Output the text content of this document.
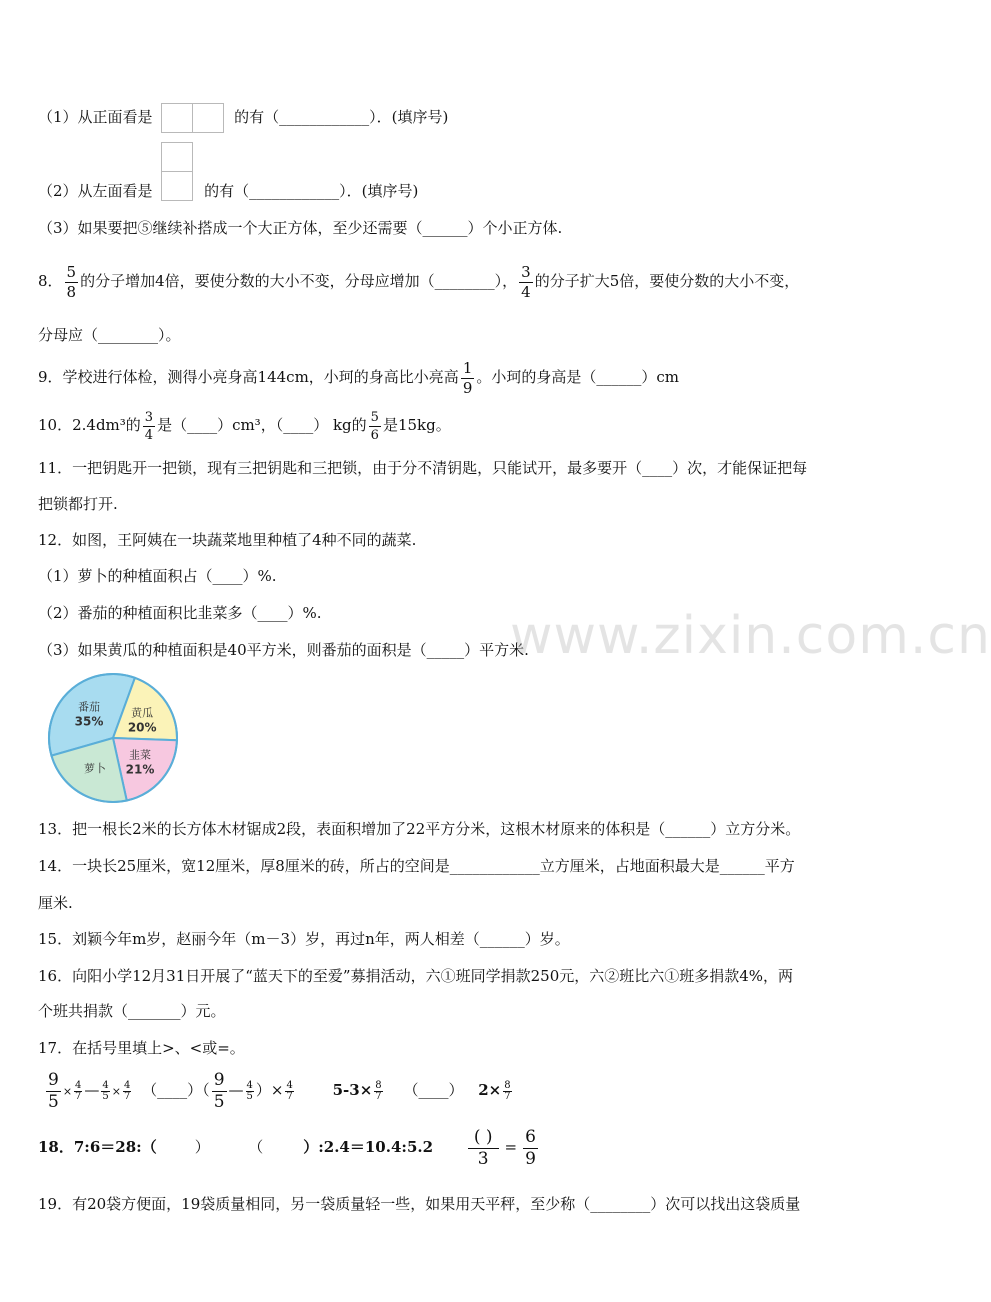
（1）从正面看是	的有（____________）．(填序号)
（2）从左面看是	的有（____________）．(填序号)
（3）如果要把⑤继续补搭成一个大正方体，至少还需要（______）个小正方体.
8． $\frac{5}{8}$ 的分子增加4倍，要使分数的大小不变，分母应增加（________）， $\frac{3}{4}$ 的分子扩大5倍，要使分数的大小不变，
分母应（________）。
9．学校进行体检，测得小亮身高144cm，小珂的身高比小亮高 $\frac{1}{9}$ 。小珂的身高是（______）cm
10．2.4dm³的 $\frac{3}{4}$ 是（____）cm³，（____） kg的 $\frac{5}{6}$ 是15kg。
11．一把钥匙开一把锁，现有三把钥匙和三把锁，由于分不清钥匙，只能试开，最多要开（____）次，才能保证把每
把锁都打开.
12．如图，王阿姨在一块蔬菜地里种植了4种不同的蔬菜.
（1）萝卜的种植面积占（____）%.
（2）番茄的种植面积比韭菜多（____）%.
（3）如果黄瓜的种植面积是40平方米，则番茄的面积是（_____）平方米.
番茄
35%
黄瓜
20%
韭菜
21%
萝卜
www.zixin.com.cn
13．把一根长2米的长方体木材锯成2段，表面积增加了22平方分米，这根木材原来的体积是（______）立方分米。
14．一块长25厘米，宽12厘米，厚8厘米的砖，所占的空间是____________立方厘米，占地面积最大是______平方
厘米.
15．刘颖今年m岁，赵丽今年（m－3）岁，再过n年，两人相差（______）岁。
16．向阳小学12月31日开展了“蓝天下的至爱”募捐活动，六①班同学捐款250元，六②班比六①班多捐款4%，两
个班共捐款（_______）元。
17．在括号里填上>、<或=。
$\frac{9}{5} \times \frac{4}{7}$ — $\frac{4}{5} \times \frac{4}{7}$ （____）（ $\frac{9}{5}$ — $\frac{4}{5}$ ）× $\frac{4}{7}$	$5-3\times \frac{8}{7}$ （____） $2\times \frac{8}{7}$
18．7:6＝28:（	）	（	）:2.4＝10.4:5.2 $\frac{( )}{3} = \frac{6}{9}$
19．有20袋方便面，19袋质量相同，另一袋质量轻一些，如果用天平秤，至少称（________）次可以找出这袋质量
